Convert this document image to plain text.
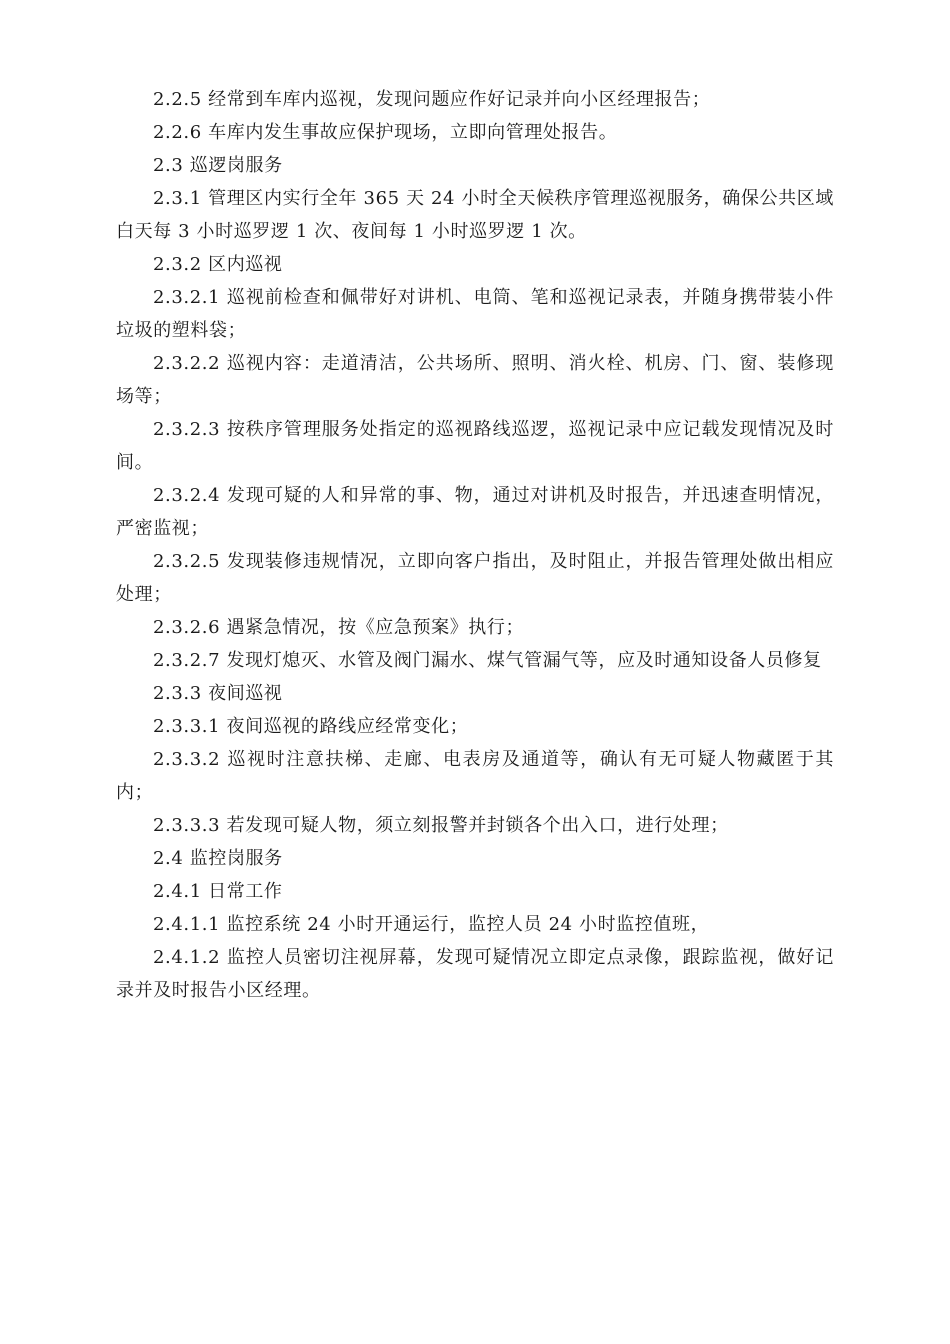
2.2.5 经常到车库内巡视，发现问题应作好记录并向小区经理报告；

2.2.6 车库内发生事故应保护现场，立即向管理处报告。

2.3 巡逻岗服务

2.3.1 管理区内实行全年 365 天 24 小时全天候秩序管理巡视服务，确保公共区域白天每 3 小时巡罗逻 1 次、夜间每 1 小时巡罗逻 1 次。

2.3.2 区内巡视

2.3.2.1 巡视前检查和佩带好对讲机、电筒、笔和巡视记录表，并随身携带装小件垃圾的塑料袋；

2.3.2.2 巡视内容：走道清洁，公共场所、照明、消火栓、机房、门、窗、装修现场等；

2.3.2.3 按秩序管理服务处指定的巡视路线巡逻，巡视记录中应记载发现情况及时间。

2.3.2.4 发现可疑的人和异常的事、物，通过对讲机及时报告，并迅速查明情况，严密监视；

2.3.2.5 发现装修违规情况，立即向客户指出，及时阻止，并报告管理处做出相应处理；

2.3.2.6 遇紧急情况，按《应急预案》执行；

2.3.2.7 发现灯熄灭、水管及阀门漏水、煤气管漏气等，应及时通知设备人员修复

2.3.3 夜间巡视

2.3.3.1 夜间巡视的路线应经常变化；

2.3.3.2 巡视时注意扶梯、走廊、电表房及通道等，确认有无可疑人物藏匿于其内；

2.3.3.3 若发现可疑人物，须立刻报警并封锁各个出入口，进行处理；

2.4 监控岗服务

2.4.1 日常工作

2.4.1.1 监控系统 24 小时开通运行，监控人员 24 小时监控值班，

2.4.1.2 监控人员密切注视屏幕，发现可疑情况立即定点录像，跟踪监视，做好记录并及时报告小区经理。
